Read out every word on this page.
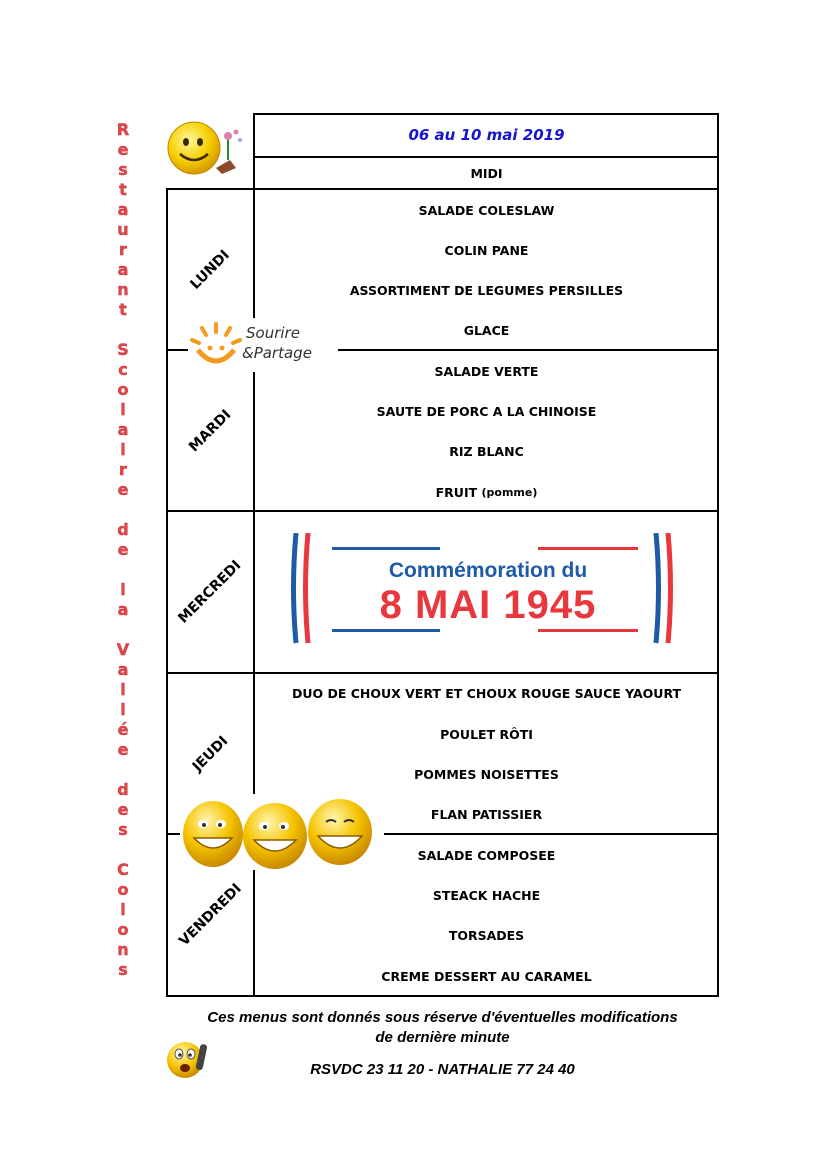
R
e
s
t
a
u
r
a
n
t
S
c
o
l
a
i
r
e
d
e
l
a
V
a
l
l
é
e
d
e
s
C
o
l
o
n
s
06 au 10 mai 2019
MIDI
LUNDI
SALADE COLESLAW
COLIN PANE
ASSORTIMENT DE LEGUMES PERSILLES
GLACE
MARDI
SALADE VERTE
SAUTE DE PORC A LA CHINOISE
RIZ BLANC
FRUIT
(pomme)
MERCREDI
JEUDI
DUO DE CHOUX VERT ET CHOUX ROUGE SAUCE YAOURT
POULET RÔTI
POMMES NOISETTES
FLAN PATISSIER
VENDREDI
SALADE COMPOSEE
STEACK HACHE
TORSADES
CREME DESSERT AU CARAMEL
Sourire
&Partage
Commémoration du
8 MAI 1945
Ces menus sont donnés sous réserve d'éventuelles modifications
de dernière minute
RSVDC 23 11 20 - NATHALIE 77 24 40
